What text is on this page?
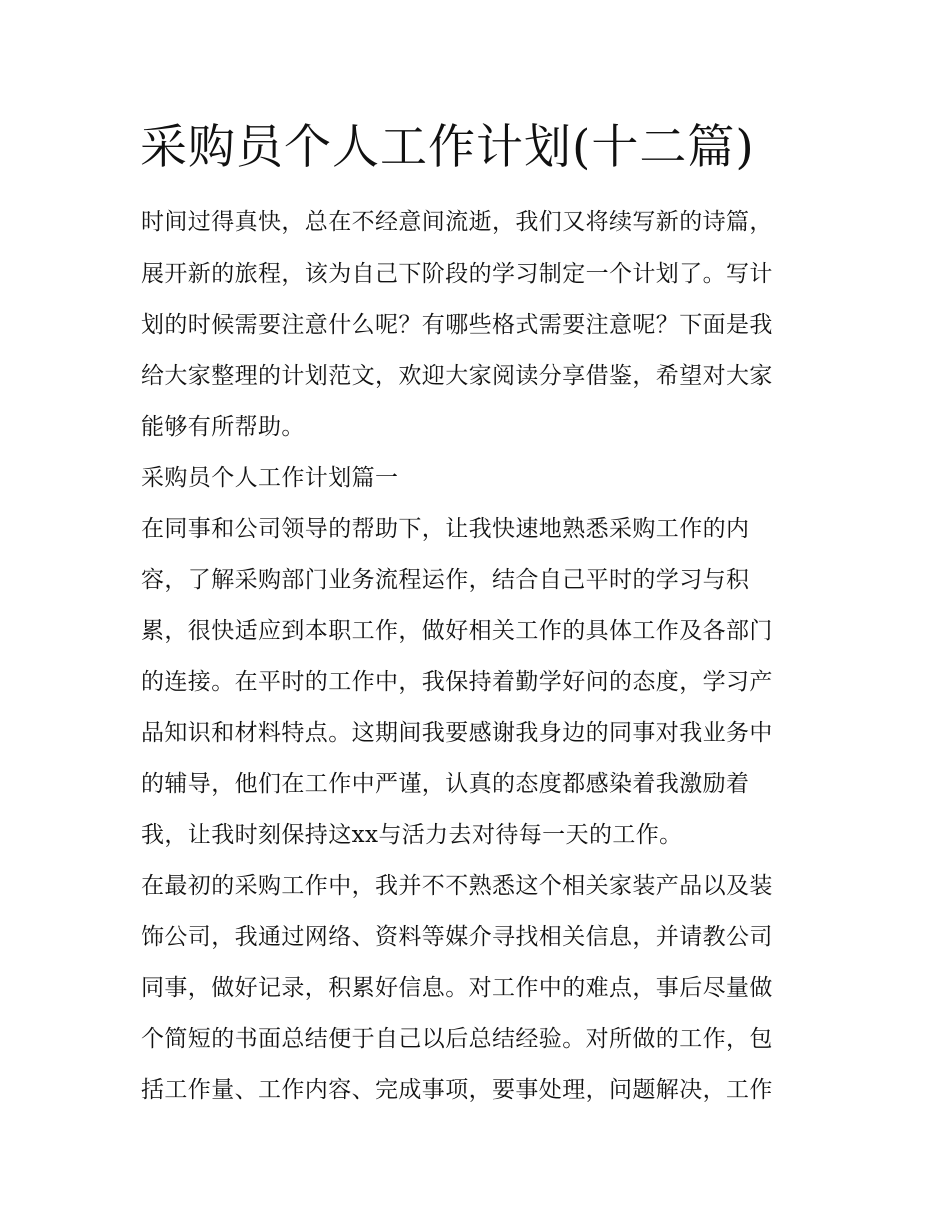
采购员个人工作计划(十二篇)

时间过得真快，总在不经意间流逝，我们又将续写新的诗篇，

展开新的旅程，该为自己下阶段的学习制定一个计划了。写计

划的时候需要注意什么呢？有哪些格式需要注意呢？下面是我

给大家整理的计划范文，欢迎大家阅读分享借鉴，希望对大家

能够有所帮助。

采购员个人工作计划篇一

在同事和公司领导的帮助下，让我快速地熟悉采购工作的内

容，了解采购部门业务流程运作，结合自己平时的学习与积

累，很快适应到本职工作，做好相关工作的具体工作及各部门

的连接。在平时的工作中，我保持着勤学好问的态度，学习产

品知识和材料特点。这期间我要感谢我身边的同事对我业务中

的辅导，他们在工作中严谨，认真的态度都感染着我激励着

我，让我时刻保持这xx与活力去对待每一天的工作。

在最初的采购工作中，我并不不熟悉这个相关家装产品以及装

饰公司，我通过网络、资料等媒介寻找相关信息，并请教公司

同事，做好记录，积累好信息。对工作中的难点，事后尽量做

个简短的书面总结便于自己以后总结经验。对所做的工作，包

括工作量、工作内容、完成事项，要事处理，问题解决，工作
